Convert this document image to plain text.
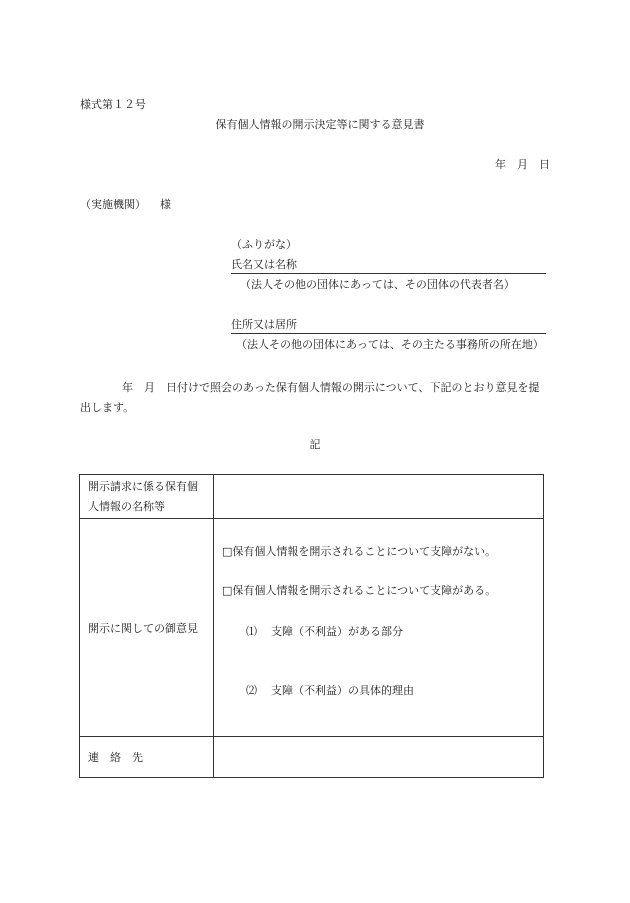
様式第１２号
保有個人情報の開示決定等に関する意見書
年　月　日
（実施機関） 様
（ふりがな）
氏名又は名称
（法人その他の団体にあっては、その団体の代表者名）
住所又は居所
（法人その他の団体にあっては、その主たる事務所の所在地）
年　月　日付けで照会のあった保有個人情報の開示について、下記のとおり意見を提出します。
記
開示請求に係る保有個人情報の名称等	
開示に関しての御意見	□保有個人情報を開示されることについて支障がない。
□保有個人情報を開示されることについて支障がある。
⑴ 支障（不利益）がある部分
⑵ 支障（不利益）の具体的理由

連　絡　先	
